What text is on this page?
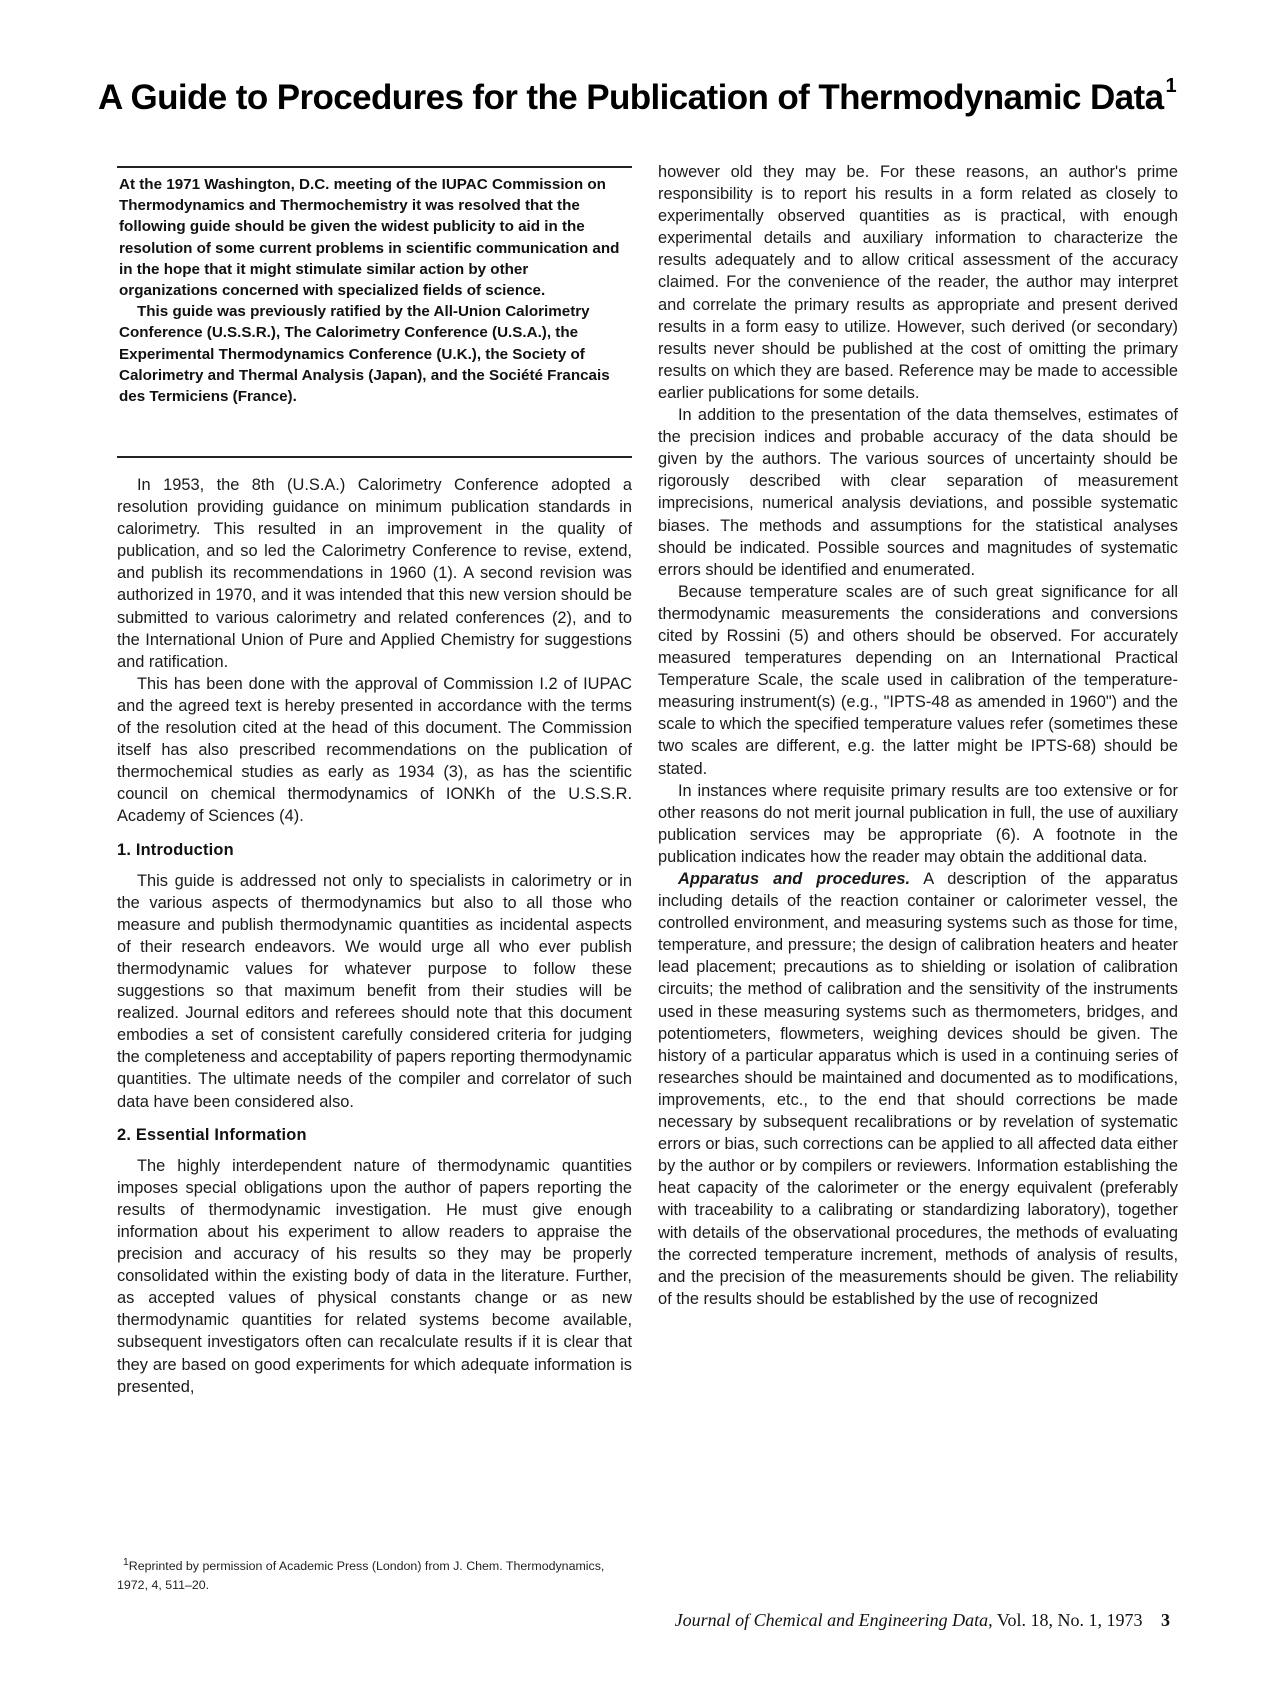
A Guide to Procedures for the Publication of Thermodynamic Data $^1$

At the 1971 Washington, D.C. meeting of the IUPAC Commission on Thermodynamics and Thermochemistry it was resolved that the following guide should be given the widest publicity to aid in the resolution of some current problems in scientific communication and in the hope that it might stimulate similar action by other organizations concerned with specialized fields of science.

This guide was previously ratified by the All-Union Calorimetry Conference (U.S.S.R.), The Calorimetry Conference (U.S.A.), the Experimental Thermodynamics Conference (U.K.), the Society of Calorimetry and Thermal Analysis (Japan), and the Société Francais des Termiciens (France).

In 1953, the 8th (U.S.A.) Calorimetry Conference adopted a resolution providing guidance on minimum publication standards in calorimetry. This resulted in an improvement in the quality of publication, and so led the Calorimetry Conference to revise, extend, and publish its recommendations in 1960 (1). A second revision was authorized in 1970, and it was intended that this new version should be submitted to various calorimetry and related conferences (2), and to the International Union of Pure and Applied Chemistry for suggestions and ratification.

This has been done with the approval of Commission I.2 of IUPAC and the agreed text is hereby presented in accordance with the terms of the resolution cited at the head of this document. The Commission itself has also prescribed recommendations on the publication of thermochemical studies as early as 1934 (3), as has the scientific council on chemical thermodynamics of IONKh of the U.S.S.R. Academy of Sciences (4).

1. Introduction

This guide is addressed not only to specialists in calorimetry or in the various aspects of thermodynamics but also to all those who measure and publish thermodynamic quantities as incidental aspects of their research endeavors. We would urge all who ever publish thermodynamic values for whatever purpose to follow these suggestions so that maximum benefit from their studies will be realized. Journal editors and referees should note that this document embodies a set of consistent carefully considered criteria for judging the completeness and acceptability of papers reporting thermodynamic quantities. The ultimate needs of the compiler and correlator of such data have been considered also.

2. Essential Information

The highly interdependent nature of thermodynamic quantities imposes special obligations upon the author of papers reporting the results of thermodynamic investigation. He must give enough information about his experiment to allow readers to appraise the precision and accuracy of his results so they may be properly consolidated within the existing body of data in the literature. Further, as accepted values of physical constants change or as new thermodynamic quantities for related systems become available, subsequent investigators often can recalculate results if it is clear that they are based on good experiments for which adequate information is presented,

however old they may be. For these reasons, an author's prime responsibility is to report his results in a form related as closely to experimentally observed quantities as is practical, with enough experimental details and auxiliary information to characterize the results adequately and to allow critical assessment of the accuracy claimed. For the convenience of the reader, the author may interpret and correlate the primary results as appropriate and present derived results in a form easy to utilize. However, such derived (or secondary) results never should be published at the cost of omitting the primary results on which they are based. Reference may be made to accessible earlier publications for some details.

In addition to the presentation of the data themselves, estimates of the precision indices and probable accuracy of the data should be given by the authors. The various sources of uncertainty should be rigorously described with clear separation of measurement imprecisions, numerical analysis deviations, and possible systematic biases. The methods and assumptions for the statistical analyses should be indicated. Possible sources and magnitudes of systematic errors should be identified and enumerated.

Because temperature scales are of such great significance for all thermodynamic measurements the considerations and conversions cited by Rossini (5) and others should be observed. For accurately measured temperatures depending on an International Practical Temperature Scale, the scale used in calibration of the temperature-measuring instrument(s) (e.g., "IPTS-48 as amended in 1960") and the scale to which the specified temperature values refer (sometimes these two scales are different, e.g. the latter might be IPTS-68) should be stated.

In instances where requisite primary results are too extensive or for other reasons do not merit journal publication in full, the use of auxiliary publication services may be appropriate (6). A footnote in the publication indicates how the reader may obtain the additional data.

Apparatus and procedures. A description of the apparatus including details of the reaction container or calorimeter vessel, the controlled environment, and measuring systems such as those for time, temperature, and pressure; the design of calibration heaters and heater lead placement; precautions as to shielding or isolation of calibration circuits; the method of calibration and the sensitivity of the instruments used in these measuring systems such as thermometers, bridges, and potentiometers, flowmeters, weighing devices should be given. The history of a particular apparatus which is used in a continuing series of researches should be maintained and documented as to modifications, improvements, etc., to the end that should corrections be made necessary by subsequent recalibrations or by revelation of systematic errors or bias, such corrections can be applied to all affected data either by the author or by compilers or reviewers. Information establishing the heat capacity of the calorimeter or the energy equivalent (preferably with traceability to a calibrating or standardizing laboratory), together with details of the observational procedures, the methods of evaluating the corrected temperature increment, methods of analysis of results, and the precision of the measurements should be given. The reliability of the results should be established by the use of recognized

$^1$Reprinted by permission of Academic Press (London) from J. Chem. Thermodynamics, 1972, 4, 511–20.

Journal of Chemical and Engineering Data, Vol. 18, No. 1, 1973 3
